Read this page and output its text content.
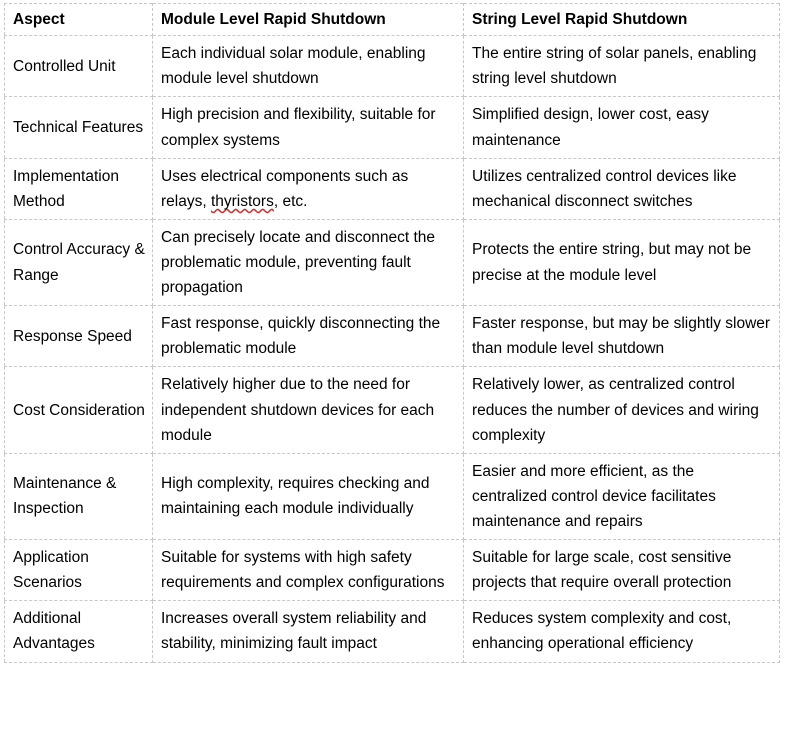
Aspect	Module Level Rapid Shutdown	String Level Rapid Shutdown
Controlled Unit	Each individual solar module, enabling module level shutdown	The entire string of solar panels, enabling string level shutdown
Technical Features	High precision and flexibility, suitable for complex systems	Simplified design, lower cost, easy maintenance
Implementation Method	Uses electrical components such as relays, thyristors, etc.	Utilizes centralized control devices like mechanical disconnect switches
Control Accuracy & Range	Can precisely locate and disconnect the problematic module, preventing fault propagation	Protects the entire string, but may not be precise at the module level
Response Speed	Fast response, quickly disconnecting the problematic module	Faster response, but may be slightly slower than module level shutdown
Cost Consideration	Relatively higher due to the need for independent shutdown devices for each module	Relatively lower, as centralized control reduces the number of devices and wiring complexity
Maintenance & Inspection	High complexity, requires checking and maintaining each module individually	Easier and more efficient, as the centralized control device facilitates maintenance and repairs
Application Scenarios	Suitable for systems with high safety requirements and complex configurations	Suitable for large scale, cost sensitive projects that require overall protection
Additional Advantages	Increases overall system reliability and stability, minimizing fault impact	Reduces system complexity and cost, enhancing operational efficiency
